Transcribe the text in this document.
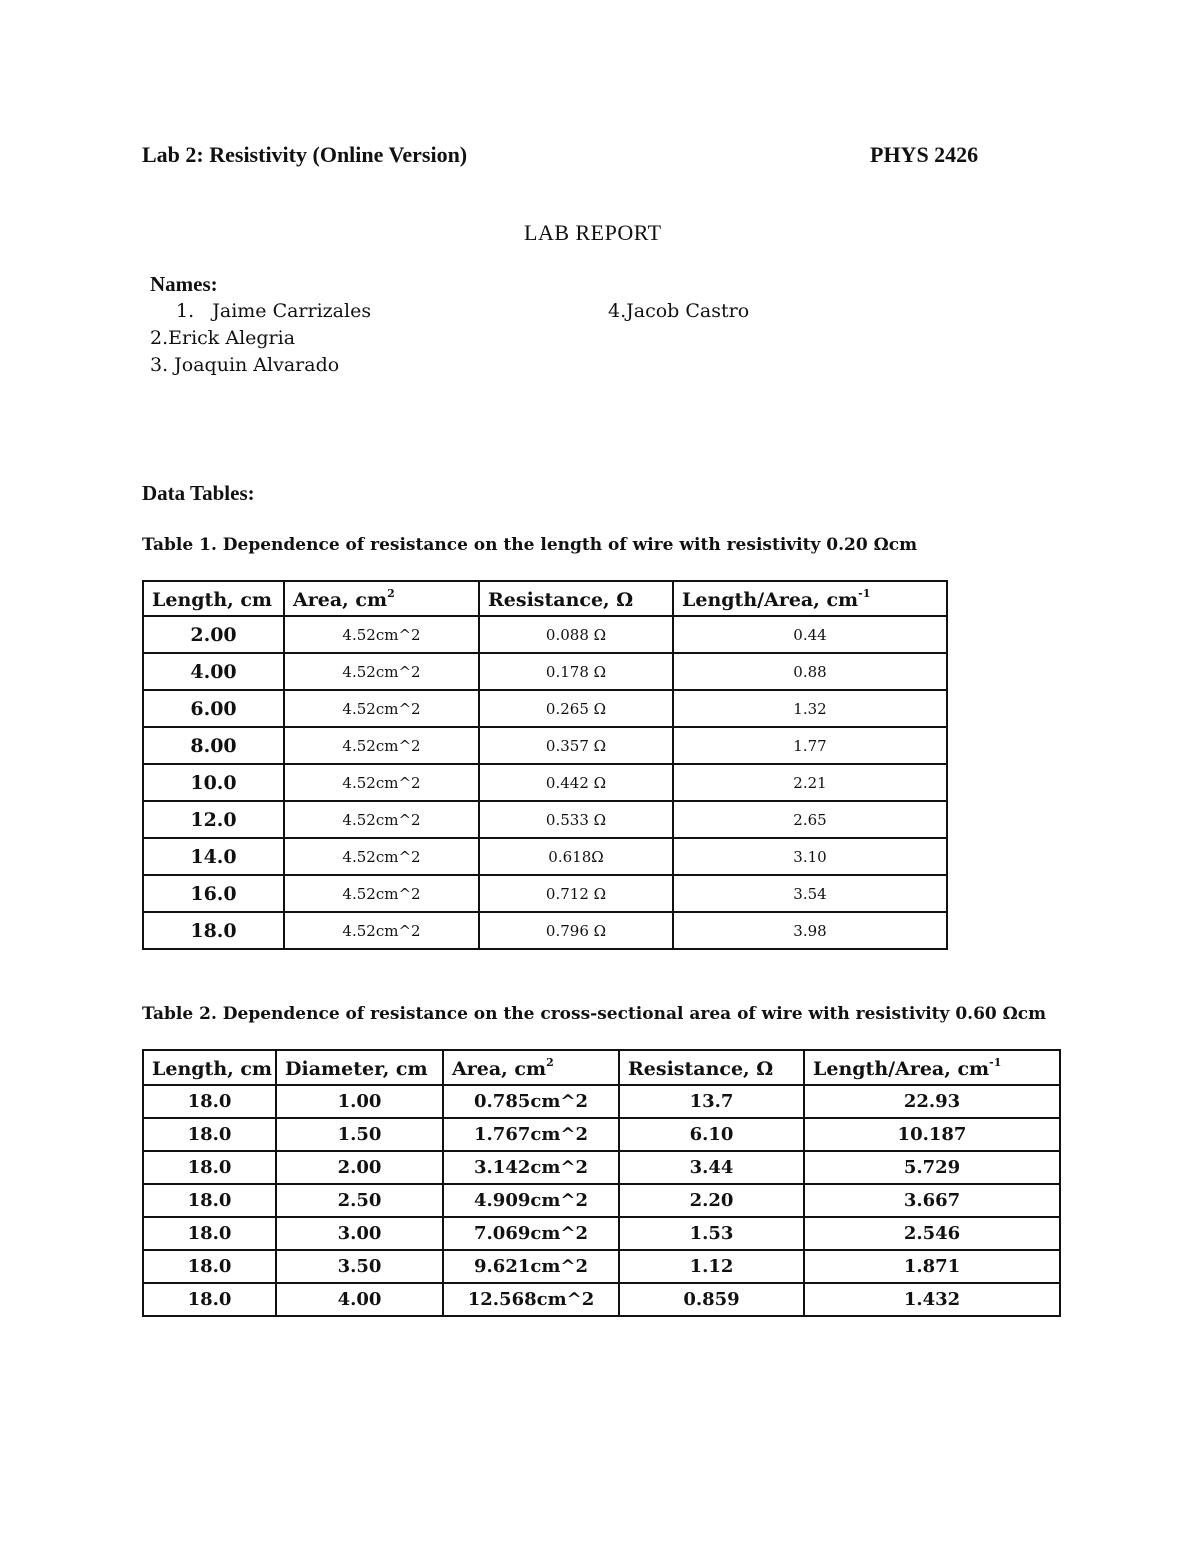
Lab 2: Resistivity (Online Version)	PHYS 2426
LAB REPORT
Names:
1.   Jaime Carrizales	4.Jacob Castro
2.Erick Alegria
3. Joaquin Alvarado
Data Tables:
Table 1. Dependence of resistance on the length of wire with resistivity 0.20 Ωcm
Length, cm	Area, $cm^2$	Resistance, Ω	Length/Area, $cm^{-1}$
2.00	4.52cm^2	0.088 Ω	0.44
4.00	4.52cm^2	0.178 Ω	0.88
6.00	4.52cm^2	0.265 Ω	1.32
8.00	4.52cm^2	0.357 Ω	1.77
10.0	4.52cm^2	0.442 Ω	2.21
12.0	4.52cm^2	0.533 Ω	2.65
14.0	4.52cm^2	0.618Ω	3.10
16.0	4.52cm^2	0.712 Ω	3.54
18.0	4.52cm^2	0.796 Ω	3.98
Table 2. Dependence of resistance on the cross-sectional area of wire with resistivity 0.60 Ωcm
Length, cm	Diameter, cm	Area, $cm^2$	Resistance, Ω	Length/Area, $cm^{-1}$
18.0	1.00	0.785cm^2	13.7	22.93
18.0	1.50	1.767cm^2	6.10	10.187
18.0	2.00	3.142cm^2	3.44	5.729
18.0	2.50	4.909cm^2	2.20	3.667
18.0	3.00	7.069cm^2	1.53	2.546
18.0	3.50	9.621cm^2	1.12	1.871
18.0	4.00	12.568cm^2	0.859	1.432
